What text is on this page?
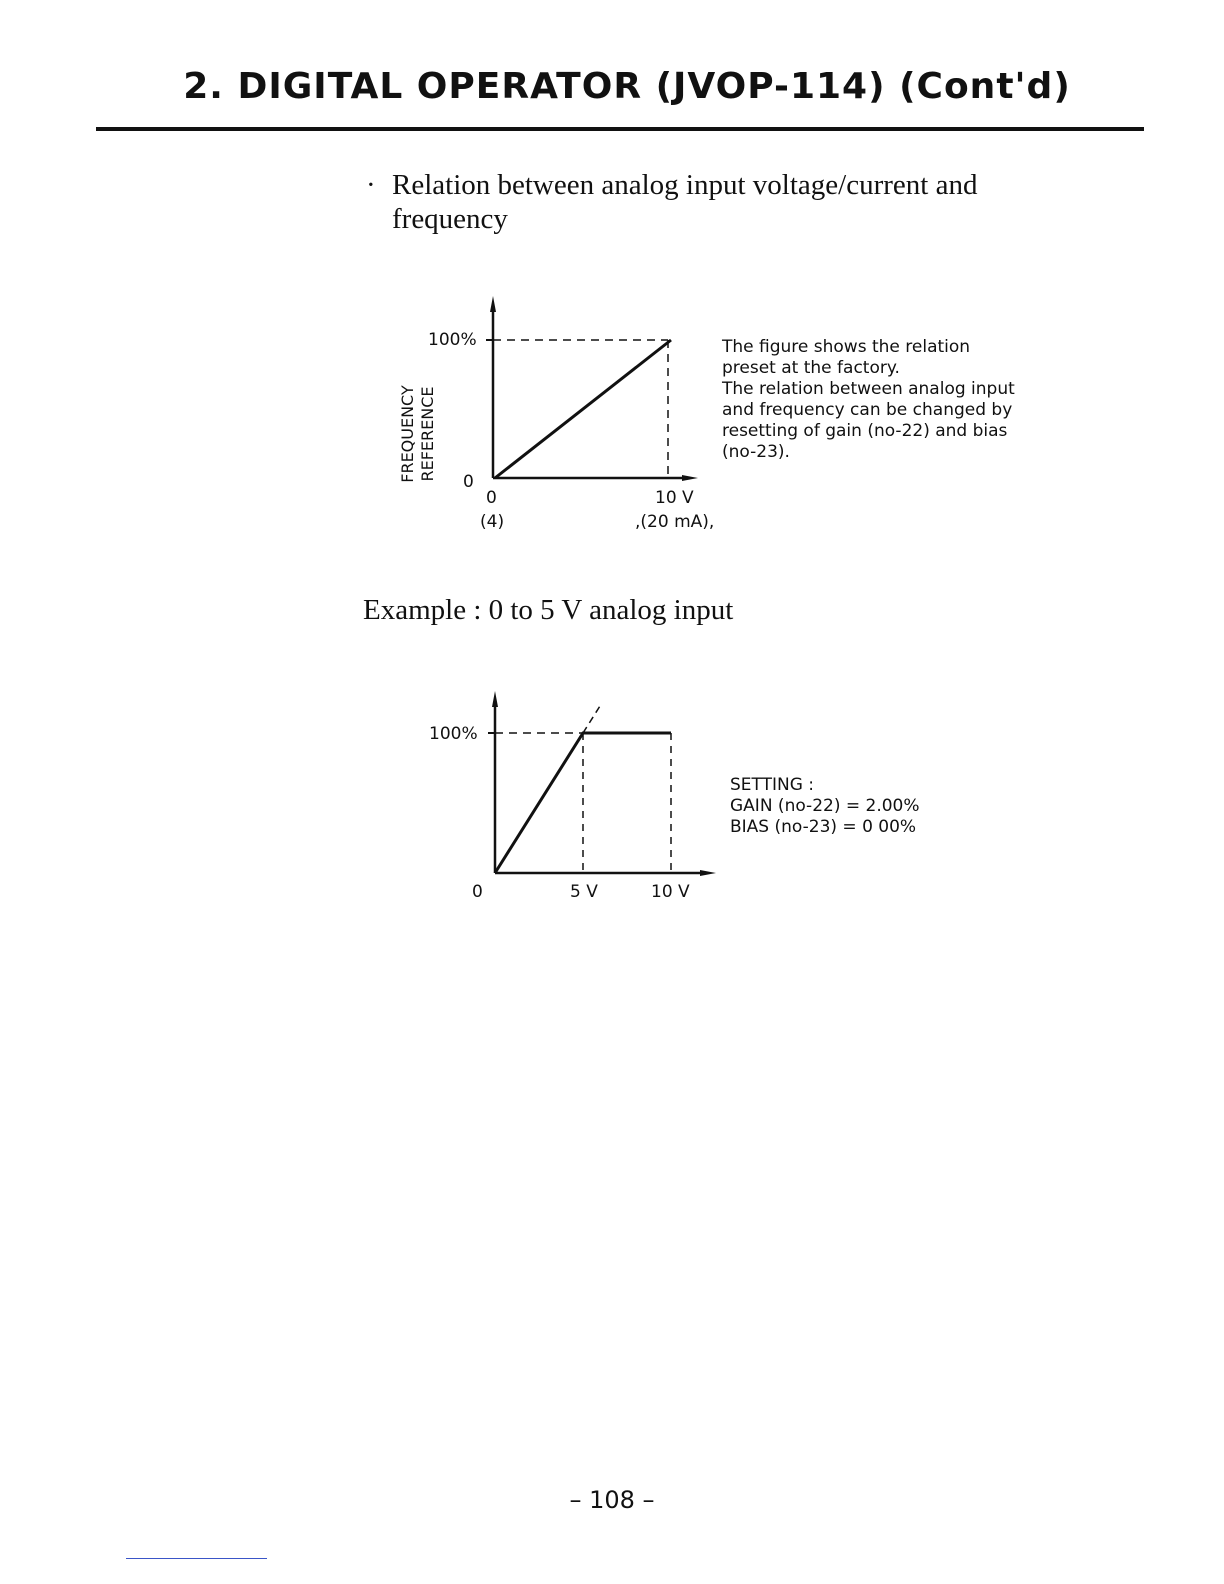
2. DIGITAL OPERATOR (JVOP-114) (Cont'd)
· Relation between analog input voltage/current and frequency
100%
0
0
(4)
10 V
,(20 mA),
FREQUENCY REFERENCE

The figure shows the relation preset at the factory.

The relation between analog input and frequency can be changed by resetting of gain (no-22) and bias (no-23).

Example : 0 to 5 V analog input
100%
0	5 V	10 V

SETTING :

GAIN (no-22) = 2.00%

BIAS (no-23) = 0 00%

– 108 –
